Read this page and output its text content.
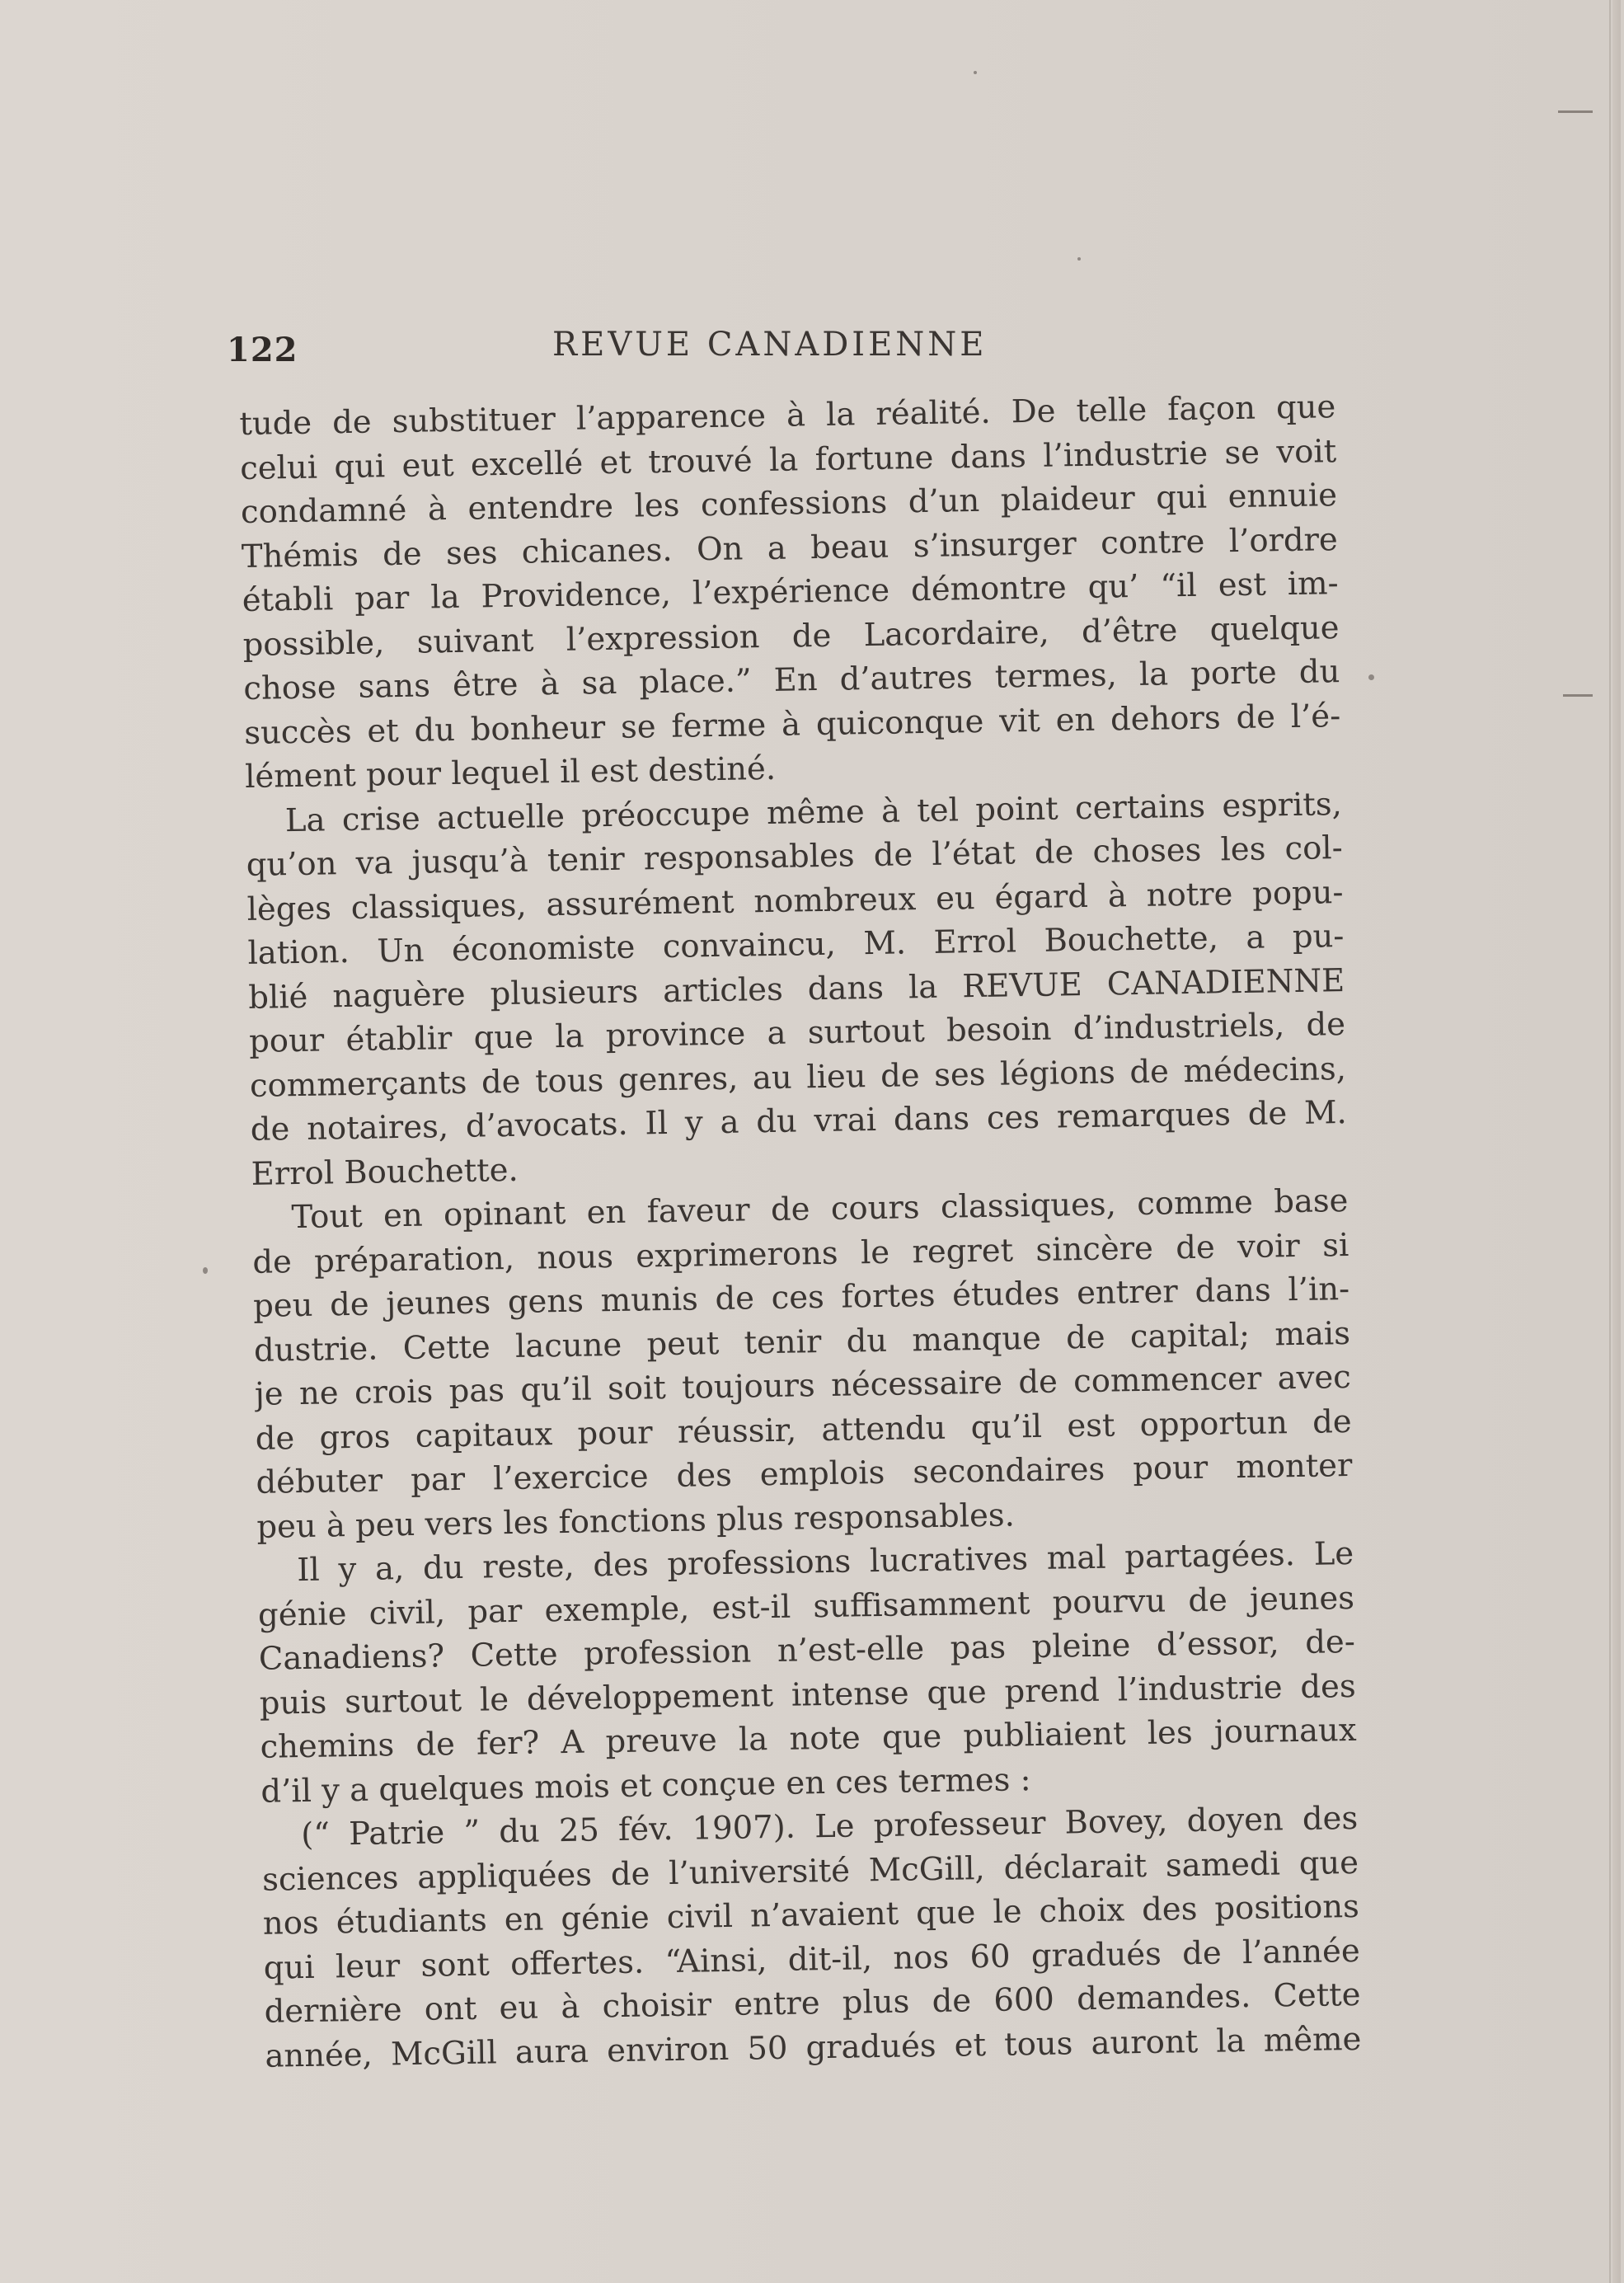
122	REVUE CANADIENNE
tude de substituer l’apparence à la réalité. De telle façon que
celui qui eut excellé et trouvé la fortune dans l’industrie se voit
condamné à entendre les confessions d’un plaideur qui ennuie
Thémis de ses chicanes. On a beau s’insurger contre l’ordre
établi par la Providence, l’expérience démontre qu’ “il est im-
possible, suivant l’expression de Lacordaire, d’être quelque
chose sans être à sa place.” En d’autres termes, la porte du
succès et du bonheur se ferme à quiconque vit en dehors de l’é-
lément pour lequel il est destiné.
La crise actuelle préoccupe même à tel point certains esprits,
qu’on va jusqu’à tenir responsables de l’état de choses les col-
lèges classiques, assurément nombreux eu égard à notre popu-
lation. Un économiste convaincu, M. Errol Bouchette, a pu-
blié naguère plusieurs articles dans la REVUE CANADIENNE
pour établir que la province a surtout besoin d’industriels, de
commerçants de tous genres, au lieu de ses légions de médecins,
de notaires, d’avocats. Il y a du vrai dans ces remarques de M.
Errol Bouchette.
Tout en opinant en faveur de cours classiques, comme base
de préparation, nous exprimerons le regret sincère de voir si
peu de jeunes gens munis de ces fortes études entrer dans l’in-
dustrie. Cette lacune peut tenir du manque de capital; mais
je ne crois pas qu’il soit toujours nécessaire de commencer avec
de gros capitaux pour réussir, attendu qu’il est opportun de
débuter par l’exercice des emplois secondaires pour monter
peu à peu vers les fonctions plus responsables.
Il y a, du reste, des professions lucratives mal partagées. Le
génie civil, par exemple, est-il suffisamment pourvu de jeunes
Canadiens? Cette profession n’est-elle pas pleine d’essor, de-
puis surtout le développement intense que prend l’industrie des
chemins de fer? A preuve la note que publiaient les journaux
d’il y a quelques mois et conçue en ces termes :
(“ Patrie ” du 25 fév. 1907). Le professeur Bovey, doyen des
sciences appliquées de l’université McGill, déclarait samedi que
nos étudiants en génie civil n’avaient que le choix des positions
qui leur sont offertes. “Ainsi, dit-il, nos 60 gradués de l’année
dernière ont eu à choisir entre plus de 600 demandes. Cette
année, McGill aura environ 50 gradués et tous auront la même
